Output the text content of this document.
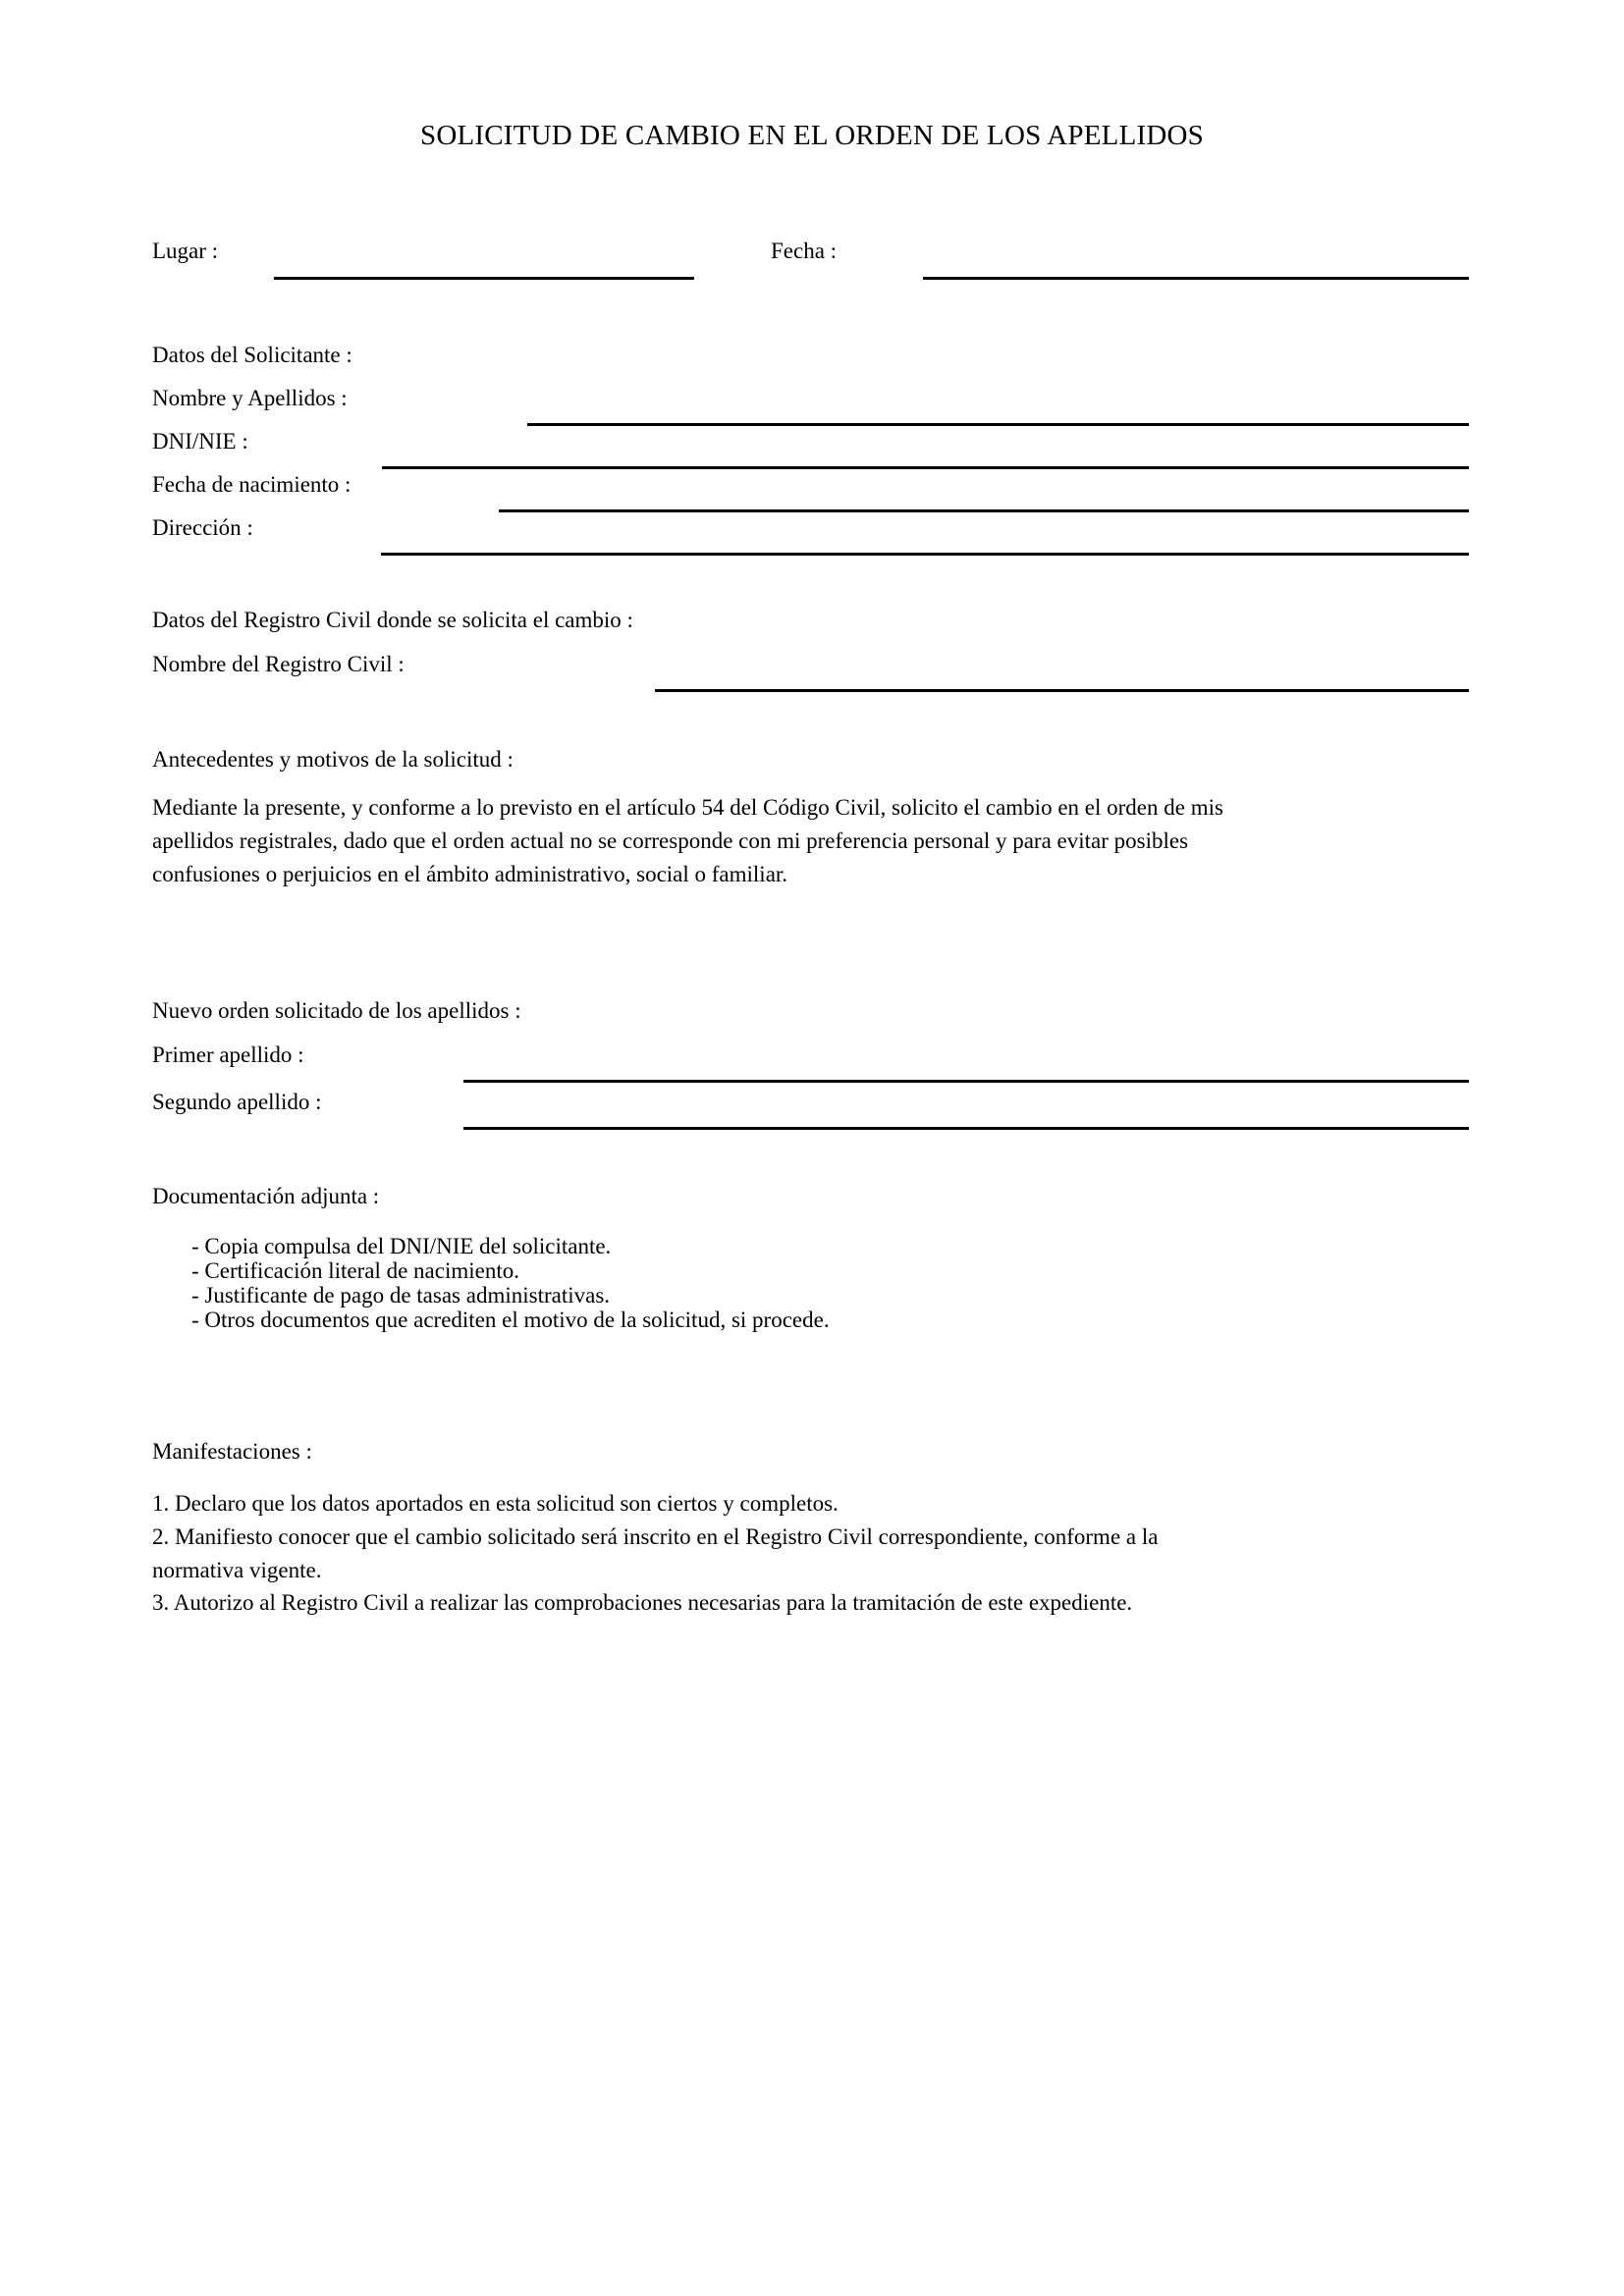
SOLICITUD DE CAMBIO EN EL ORDEN DE LOS APELLIDOS
Lugar :	Fecha :
Datos del Solicitante :
Nombre y Apellidos :
DNI/NIE :
Fecha de nacimiento :
Dirección :
Datos del Registro Civil donde se solicita el cambio :
Nombre del Registro Civil :
Antecedentes y motivos de la solicitud :
Mediante la presente, y conforme a lo previsto en el artículo 54 del Código Civil, solicito el cambio en el orden de mis
apellidos registrales, dado que el orden actual no se corresponde con mi preferencia personal y para evitar posibles
confusiones o perjuicios en el ámbito administrativo, social o familiar.
Nuevo orden solicitado de los apellidos :
Primer apellido :
Segundo apellido :
Documentación adjunta :
- Copia compulsa del DNI/NIE del solicitante.
- Certificación literal de nacimiento.
- Justificante de pago de tasas administrativas.
- Otros documentos que acrediten el motivo de la solicitud, si procede.
Manifestaciones :
1. Declaro que los datos aportados en esta solicitud son ciertos y completos.
2. Manifiesto conocer que el cambio solicitado será inscrito en el Registro Civil correspondiente, conforme a la
normativa vigente.
3. Autorizo al Registro Civil a realizar las comprobaciones necesarias para la tramitación de este expediente.
